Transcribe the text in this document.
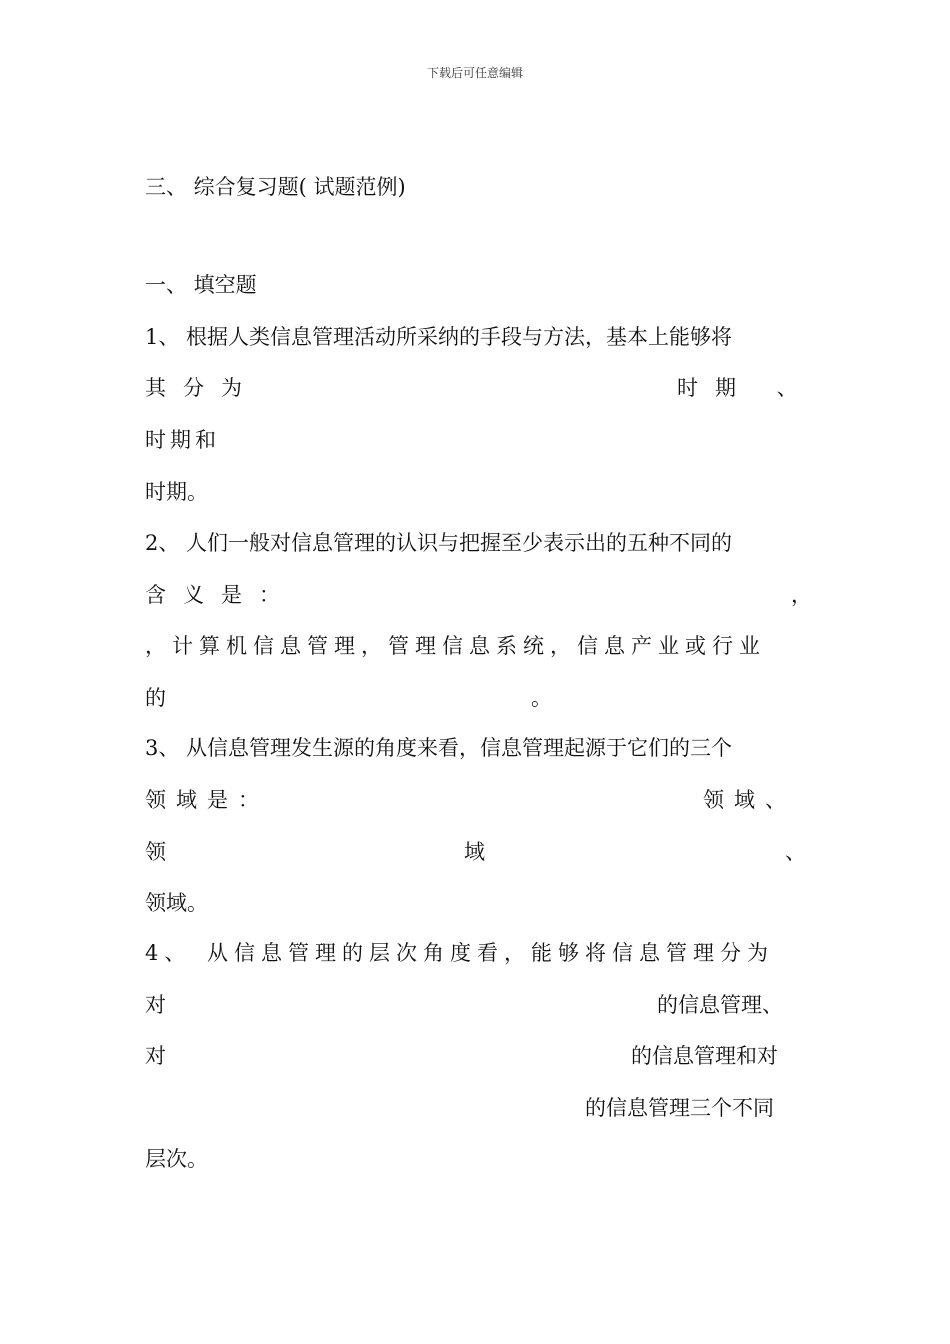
下载后可任意编辑
三、 综合复习题( 试题范例)
一、 填空题
1、 根据人类信息管理活动所采纳的手段与方法，基本上能够将
其分为	时期 、
时期和
时期。
2、 人们一般对信息管理的认识与把握至少表示出的五种不同的
含义是：	，
，计算机信息管理，管理信息系统，信息产业或行业
的	。
3、 从信息管理发生源的角度来看，信息管理起源于它们的三个
领域是：	领域、
领	域	、
领域。
4、 从信息管理的层次角度看，能够将信息管理分为
对	的信息管理、
对	的信息管理和对
的信息管理三个不同
层次。
